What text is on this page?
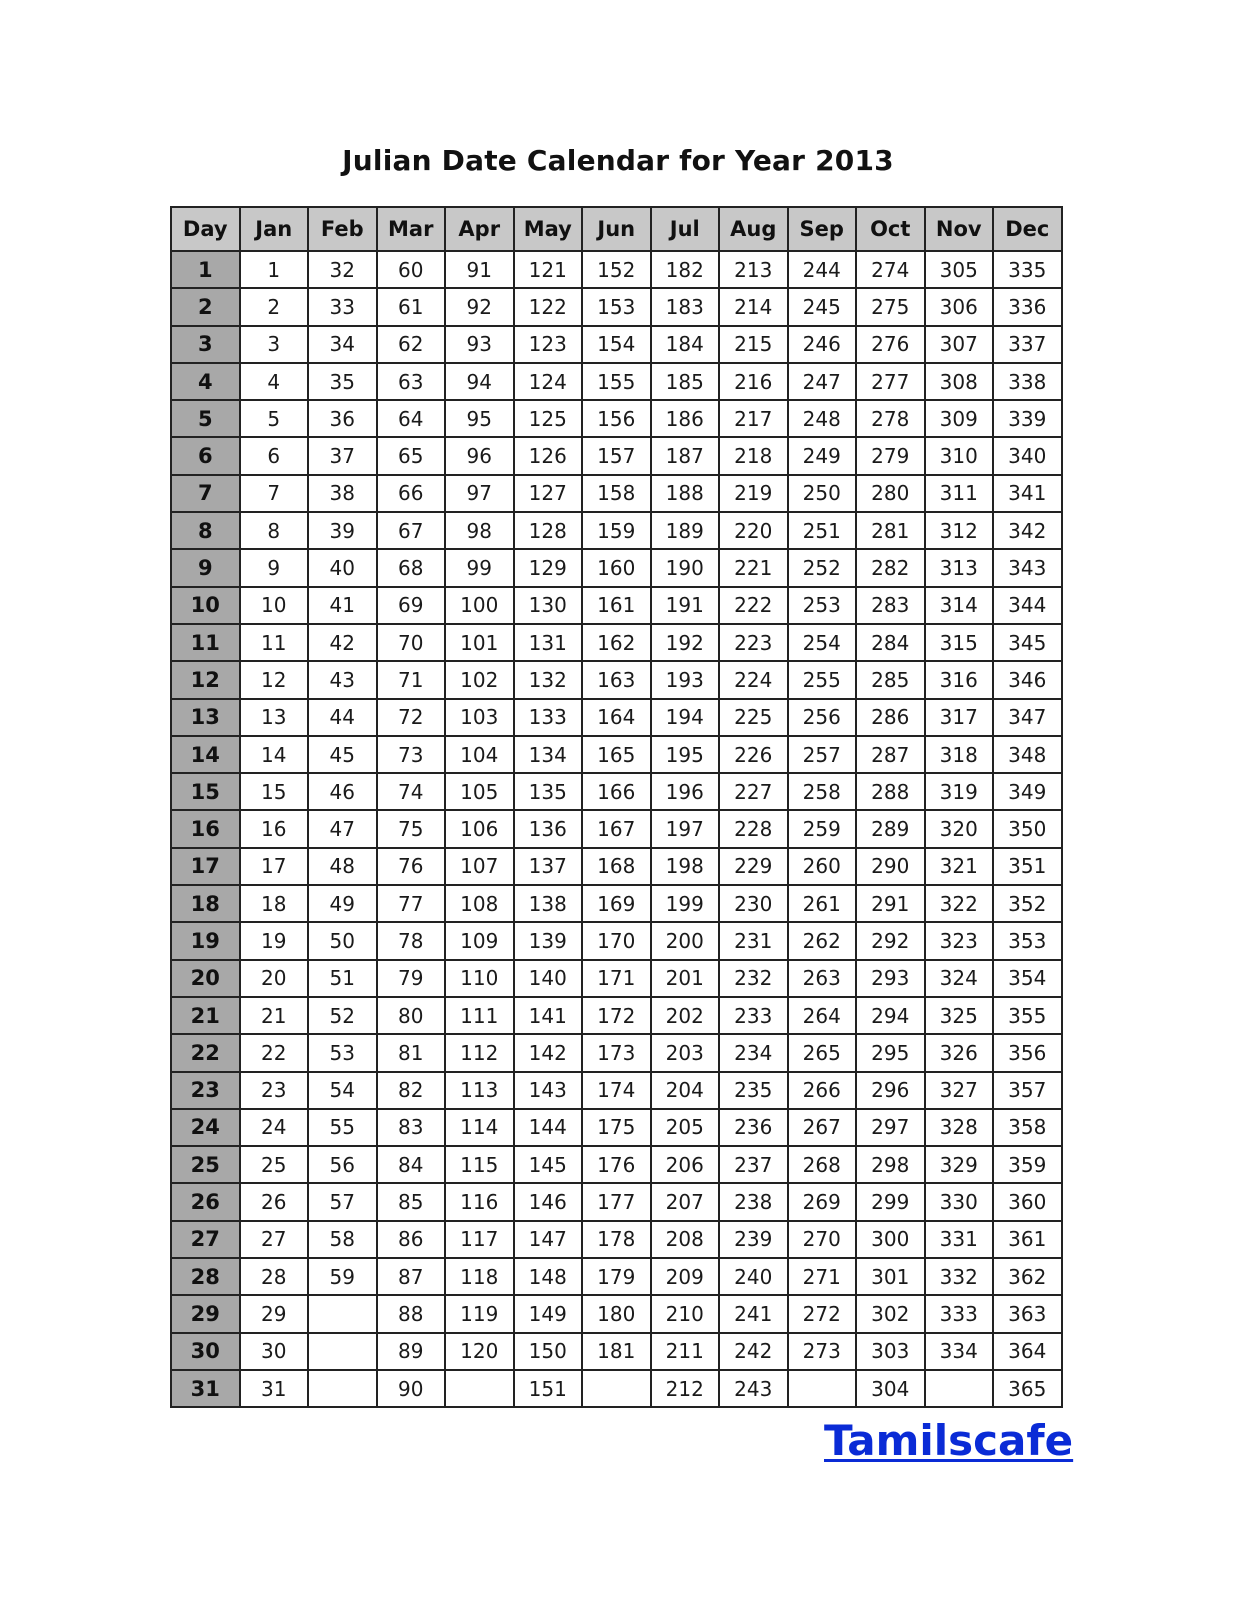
Julian Date Calendar for Year 2013
Day	Jan	Feb	Mar	Apr	May	Jun	Jul	Aug	Sep	Oct	Nov	Dec
1	1	32	60	91	121	152	182	213	244	274	305	335
2	2	33	61	92	122	153	183	214	245	275	306	336
3	3	34	62	93	123	154	184	215	246	276	307	337
4	4	35	63	94	124	155	185	216	247	277	308	338
5	5	36	64	95	125	156	186	217	248	278	309	339
6	6	37	65	96	126	157	187	218	249	279	310	340
7	7	38	66	97	127	158	188	219	250	280	311	341
8	8	39	67	98	128	159	189	220	251	281	312	342
9	9	40	68	99	129	160	190	221	252	282	313	343
10	10	41	69	100	130	161	191	222	253	283	314	344
11	11	42	70	101	131	162	192	223	254	284	315	345
12	12	43	71	102	132	163	193	224	255	285	316	346
13	13	44	72	103	133	164	194	225	256	286	317	347
14	14	45	73	104	134	165	195	226	257	287	318	348
15	15	46	74	105	135	166	196	227	258	288	319	349
16	16	47	75	106	136	167	197	228	259	289	320	350
17	17	48	76	107	137	168	198	229	260	290	321	351
18	18	49	77	108	138	169	199	230	261	291	322	352
19	19	50	78	109	139	170	200	231	262	292	323	353
20	20	51	79	110	140	171	201	232	263	293	324	354
21	21	52	80	111	141	172	202	233	264	294	325	355
22	22	53	81	112	142	173	203	234	265	295	326	356
23	23	54	82	113	143	174	204	235	266	296	327	357
24	24	55	83	114	144	175	205	236	267	297	328	358
25	25	56	84	115	145	176	206	237	268	298	329	359
26	26	57	85	116	146	177	207	238	269	299	330	360
27	27	58	86	117	147	178	208	239	270	300	331	361
28	28	59	87	118	148	179	209	240	271	301	332	362
29	29		88	119	149	180	210	241	272	302	333	363
30	30		89	120	150	181	211	242	273	303	334	364
31	31		90		151		212	243		304		365
Tamilscafe
